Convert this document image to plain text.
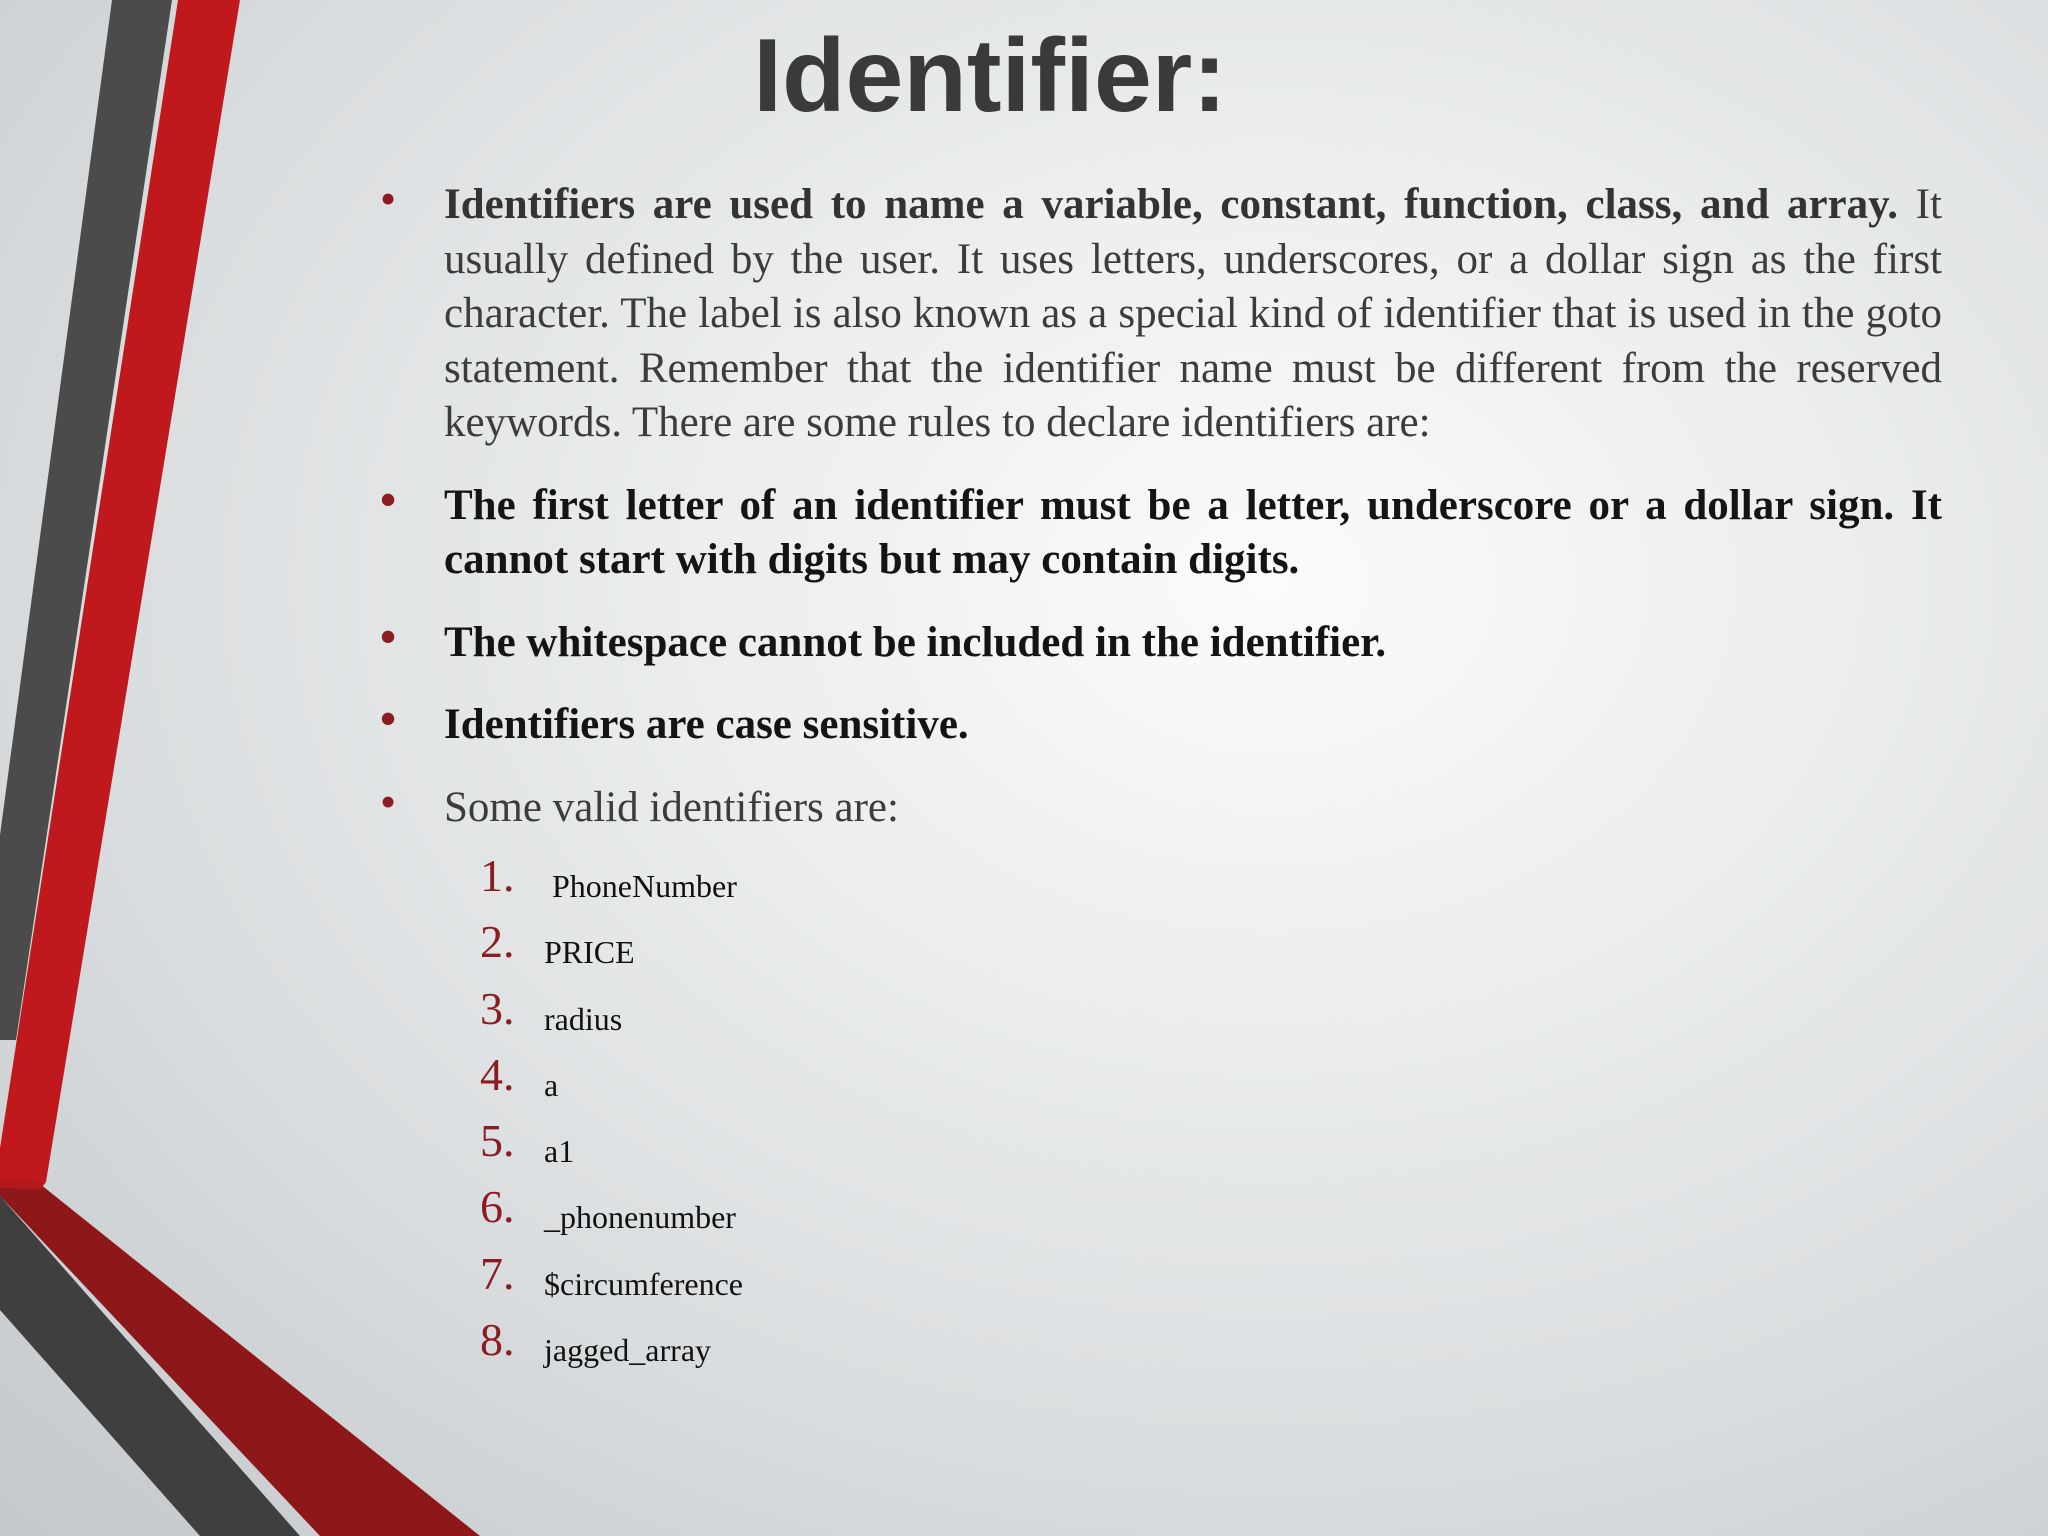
Identifier:
• Identifiers are used to name a variable, constant, function, class, and array. It usually defined by the user. It uses letters, underscores, or a dollar sign as the first character. The label is also known as a special kind of identifier that is used in the goto statement. Remember that the identifier name must be different from the reserved keywords. There are some rules to declare identifiers are:
• The first letter of an identifier must be a letter, underscore or a dollar sign. It cannot start with digits but may contain digits.
• The whitespace cannot be included in the identifier.
• Identifiers are case sensitive.
• Some valid identifiers are:
1. PhoneNumber
2. PRICE
3. radius
4. a
5. a1
6. _phonenumber
7. $circumference
8. jagged_array
